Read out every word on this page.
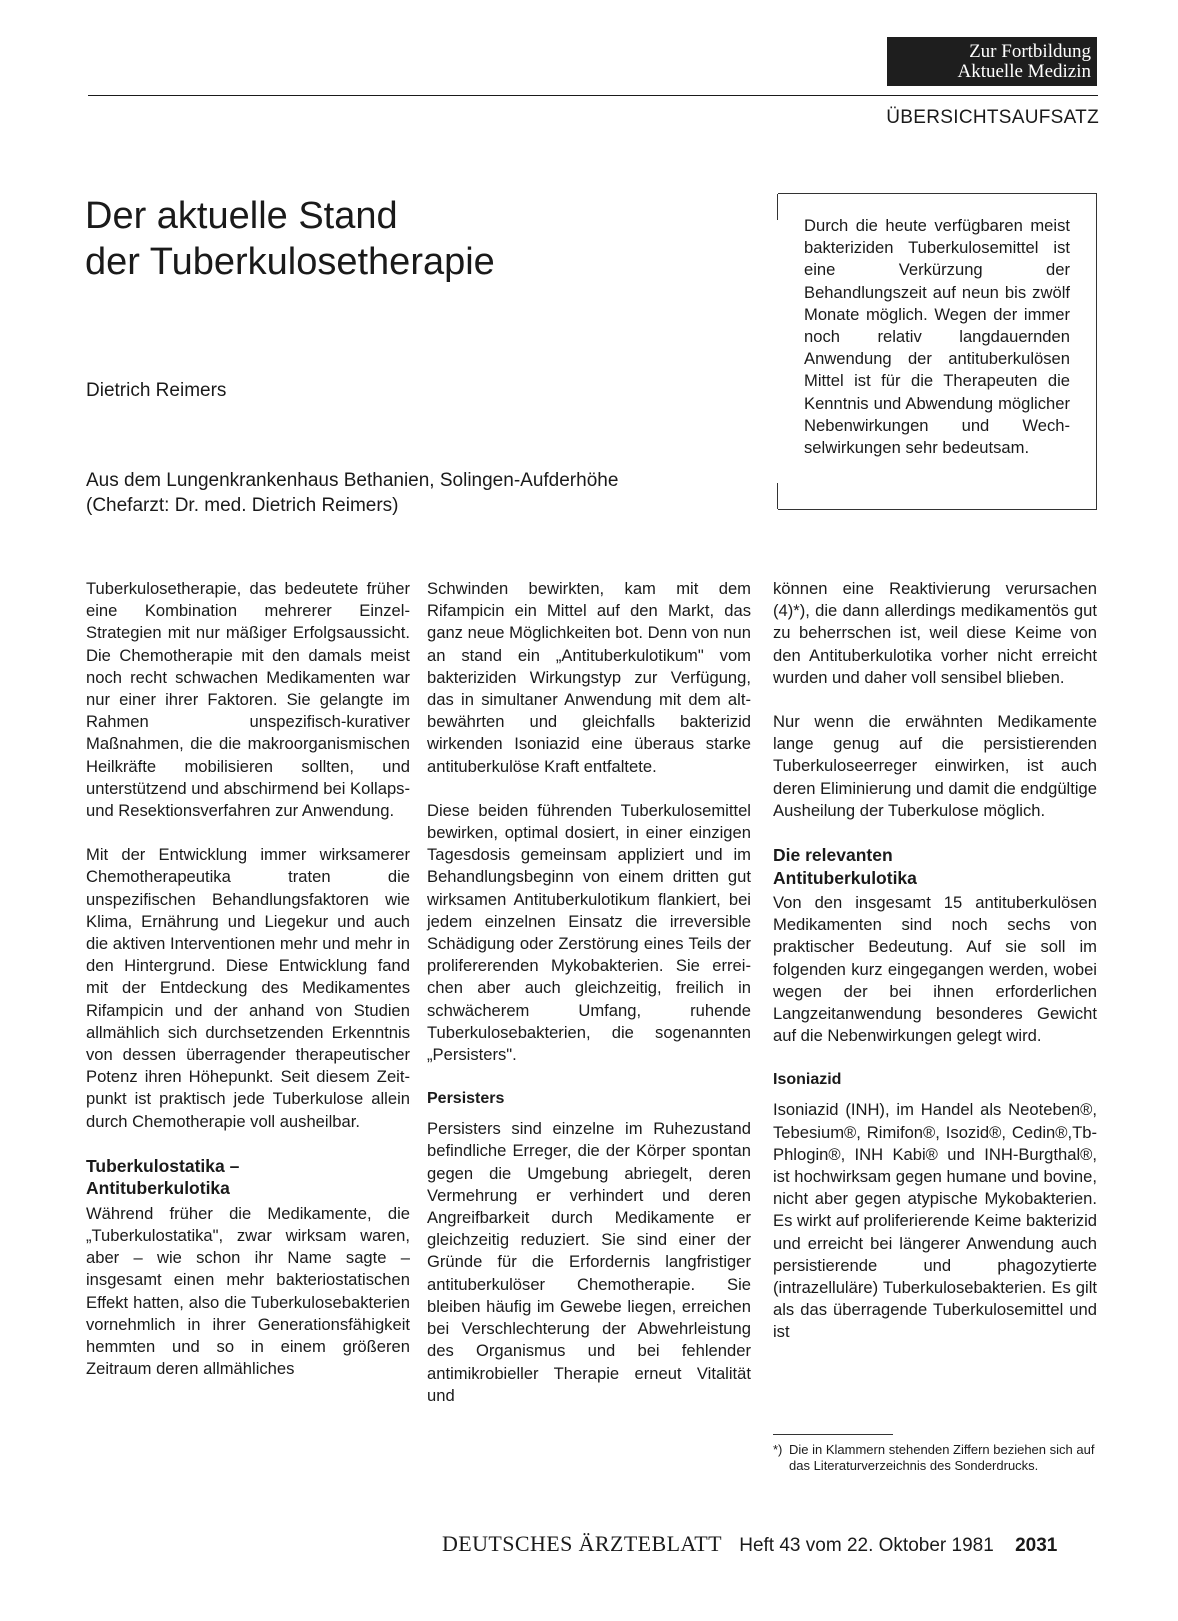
Zur Fortbildung
Aktuelle Medizin
ÜBERSICHTSAUFSATZ
Der aktuelle Stand
der Tuberkulosetherapie
Dietrich Reimers
Aus dem Lungenkrankenhaus Bethanien, Solingen-Aufderhöhe
(Chefarzt: Dr. med. Dietrich Reimers)

Durch die heute verfügbaren meist bakteriziden Tuberkulosemittel ist eine Verkürzung der Behandlungszeit auf neun bis zwölf Monate möglich. Wegen der immer noch relativ langdauernden Anwendung der antituberkulösen Mittel ist für die Therapeuten die Kenntnis und Abwendung möglicher Nebenwirkungen und Wechselwirkungen sehr bedeutsam.

Tuberkulosetherapie, das bedeutete früher eine Kombination mehrerer Einzel-Strategien mit nur mäßiger Erfolgsaussicht. Die Chemotherapie mit den damals meist noch recht schwachen Medikamenten war nur einer ihrer Faktoren. Sie gelangte im Rahmen unspezifisch-kurativer Maßnahmen, die die makroorganismischen Heilkräfte mobilisieren sollten, und unterstützend und abschirmend bei Kollaps- und Resektionsverfahren zur Anwendung.

Mit der Entwicklung immer wirksamerer Chemotherapeutika traten die unspezifischen Behandlungsfaktoren wie Klima, Ernährung und Liegekur und auch die aktiven Interventionen mehr und mehr in den Hintergrund. Diese Entwicklung fand mit der Entdeckung des Medikamentes Rifampicin und der anhand von Studien allmählich sich durchsetzenden Erkenntnis von dessen überragender therapeutischer Potenz ihren Höhepunkt. Seit diesem Zeitpunkt ist praktisch jede Tuberkulose allein durch Chemotherapie voll ausheilbar.

Tuberkulostatika –
Antituberkulotika

Während früher die Medikamente, die „Tuberkulostatika", zwar wirksam waren, aber – wie schon ihr Name sagte – insgesamt einen mehr bakteriostatischen Effekt hatten, also die Tuberkulosebakterien vornehmlich in ihrer Generationsfähigkeit hemmten und so in einem größeren Zeitraum deren allmähliches

Schwinden bewirkten, kam mit dem Rifampicin ein Mittel auf den Markt, das ganz neue Möglichkeiten bot. Denn von nun an stand ein „Antituberkulotikum" vom bakteriziden Wirkungstyp zur Verfügung, das in simultaner Anwendung mit dem altbewährten und gleichfalls bakterizid wirkenden Isoniazid eine überaus starke antituberkulöse Kraft entfaltete.

Diese beiden führenden Tuberkulosemittel bewirken, optimal dosiert, in einer einzigen Tagesdosis gemeinsam appliziert und im Behandlungsbeginn von einem dritten gut wirksamen Antituberkulotikum flankiert, bei jedem einzelnen Einsatz die irreversible Schädigung oder Zerstörung eines Teils der prolifererenden Mykobakterien. Sie erreichen aber auch gleichzeitig, freilich in schwächerem Umfang, ruhende Tuberkulosebakterien, die sogenannten „Persisters".

Persisters

Persisters sind einzelne im Ruhezustand befindliche Erreger, die der Körper spontan gegen die Umgebung abriegelt, deren Vermehrung er verhindert und deren Angreifbarkeit durch Medikamente er gleichzeitig reduziert. Sie sind einer der Gründe für die Erfordernis langfristiger antituberkulöser Chemotherapie. Sie bleiben häufig im Gewebe liegen, erreichen bei Verschlechterung der Abwehrleistung des Organismus und bei fehlender antimikrobieller Therapie erneut Vitalität und

können eine Reaktivierung verursachen (4)*), die dann allerdings medikamentös gut zu beherrschen ist, weil diese Keime von den Antituberkulotika vorher nicht erreicht wurden und daher voll sensibel blieben.

Nur wenn die erwähnten Medikamente lange genug auf die persistierenden Tuberkuloseerreger einwirken, ist auch deren Eliminierung und damit die endgültige Ausheilung der Tuberkulose möglich.

Die relevanten
Antituberkulotika

Von den insgesamt 15 antituberkulösen Medikamenten sind noch sechs von praktischer Bedeutung. Auf sie soll im folgenden kurz eingegangen werden, wobei wegen der bei ihnen erforderlichen Langzeitanwendung besonderes Gewicht auf die Nebenwirkungen gelegt wird.

Isoniazid

Isoniazid (INH), im Handel als Neoteben®, Tebesium®, Rimifon®, Isozid®, Cedin®,Tb-Phlogin®, INH Kabi® und INH-Burgthal®, ist hochwirksam gegen humane und bovine, nicht aber gegen atypische Mykobakterien. Es wirkt auf proliferierende Keime bakterizid und erreicht bei längerer Anwendung auch persistierende und phagozytierte (intrazelluläre) Tuberkulosebakterien. Es gilt als das überragende Tuberkulosemittel und ist

*) Die in Klammern stehenden Ziffern beziehen sich auf das Literaturverzeichnis des Sonderdrucks.
DEUTSCHES ÄRZTEBLATT Heft 43 vom 22. Oktober 1981 2031
